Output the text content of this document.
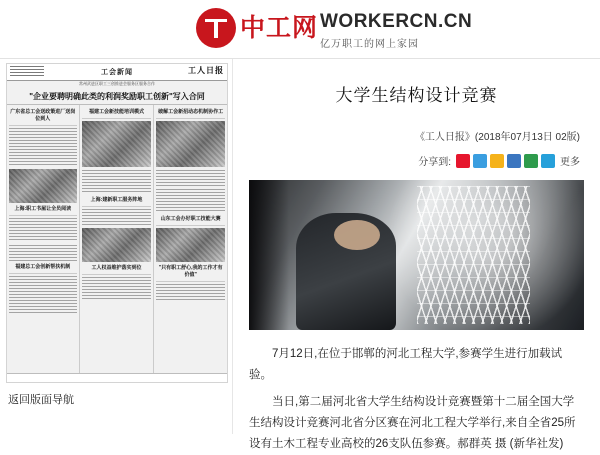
中工网 WORKERCN.CN
亿万职工的网上家园
工会新闻	工人日报
常州武进区职工三创推进会服务区服务合作
"企业要聘明确此类的利润奖励职工创新"写入合同
广东省总工会送政策进厂送岗位到人
上海:职工书屋让全员阅读
福建总工会创新帮扶机制
福建工会新技能培训模式
上海:建新职工服务阵地
工人权益维护落实到位
破解工会新招动态机制协作工
山东工会办好职工技能大赛
"只有职工舒心,我的工作才有价值"
返回版面导航
大学生结构设计竞赛
《工人日报》(2018年07月13日 02版)
分享到:	更多

7月12日,在位于邯郸的河北工程大学,参赛学生进行加载试验。

当日,第二届河北省大学生结构设计竞赛暨第十二届全国大学生结构设计竞赛河北省分区赛在河北工程大学举行,来自全省25所设有土木工程专业高校的26支队伍参赛。郝群英 摄 (新华社发)
